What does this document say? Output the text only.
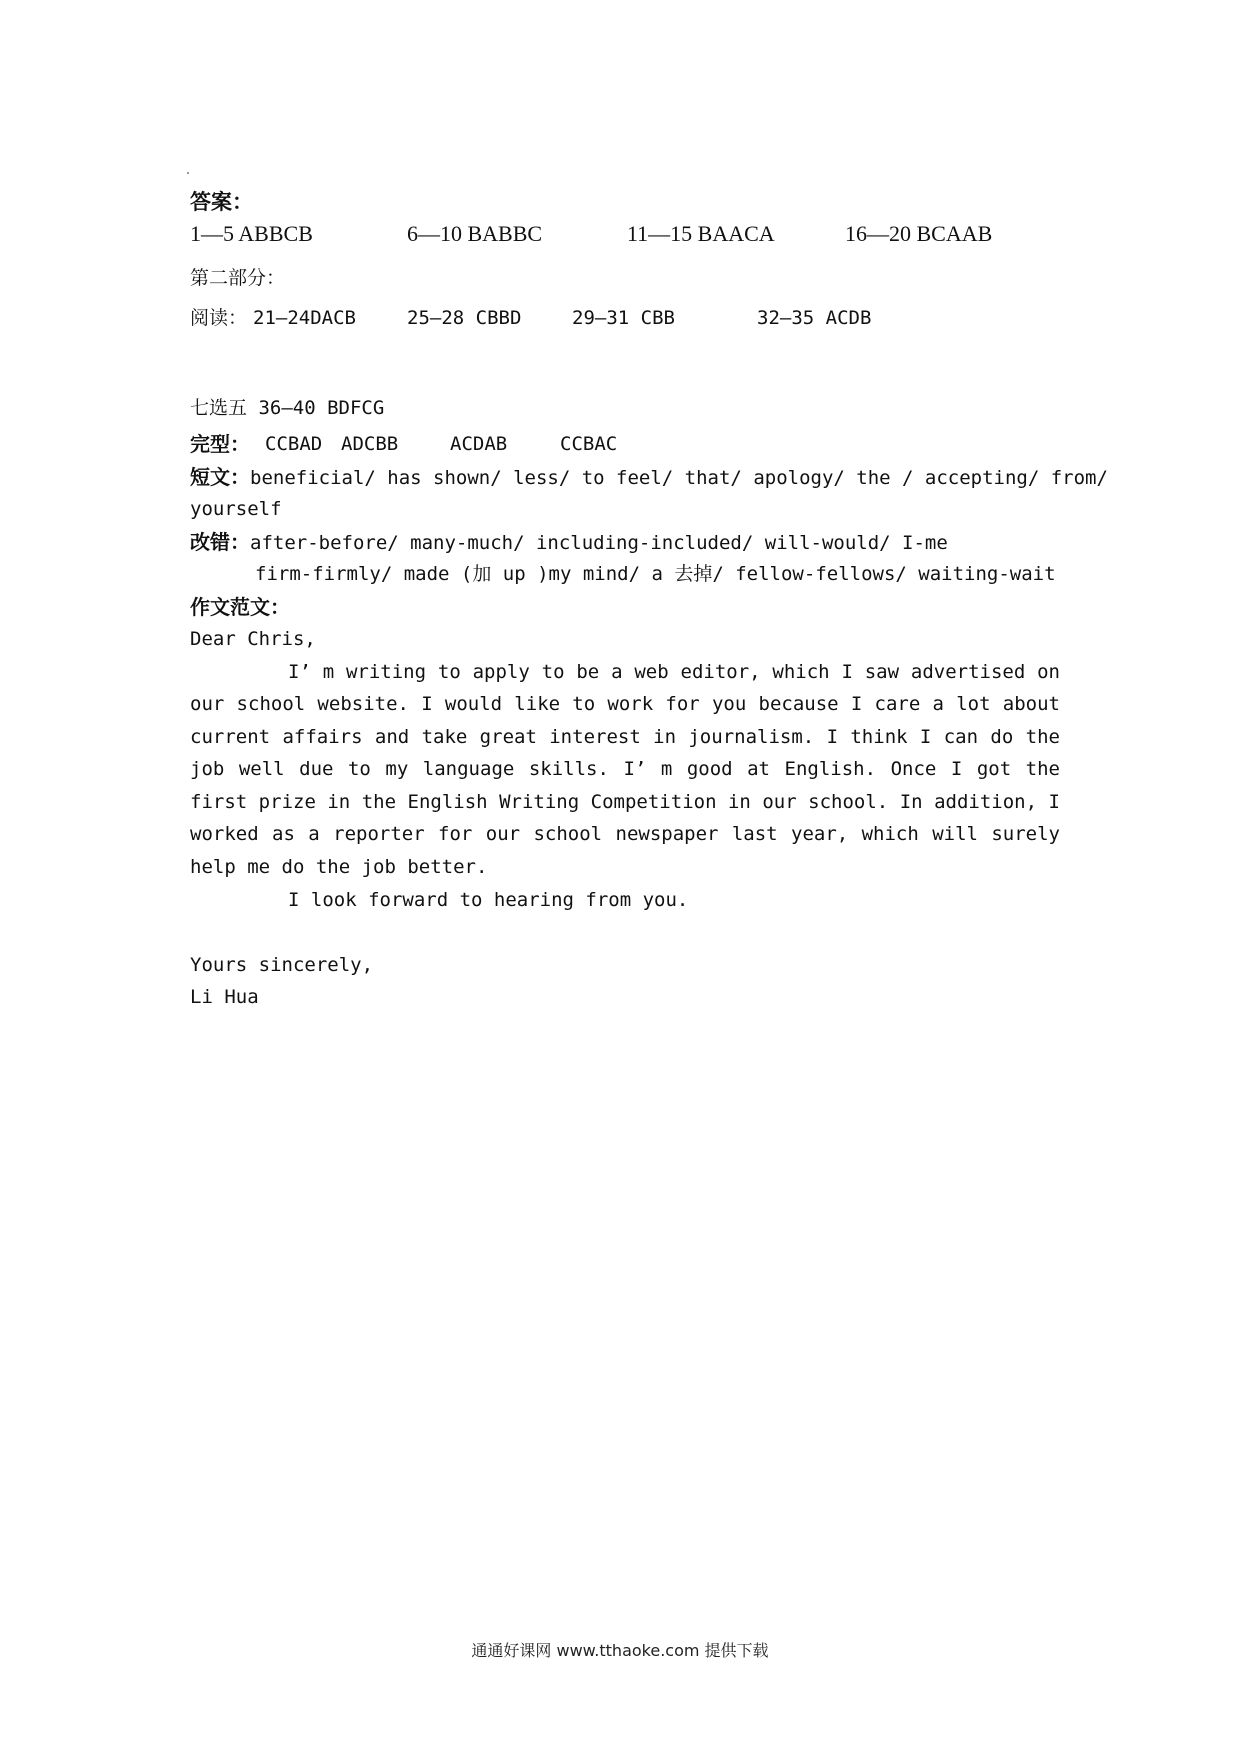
答案：
1—5 ABBCB	6—10 BABBC	11—15 BAACA	16—20 BCAAB
第二部分：
阅读： 21—24DACB	25—28 CBBD	29—31 CBB	32—35 ACDB
七选五 36—40 BDFCG
完型： CCBAD ADCBB	ACDAB	CCBAC
短文：beneficial/ has shown/ less/ to feel/ that/ apology/ the / accepting/ from/
yourself
改错：after-before/ many-much/ including-included/ will-would/ I-me
firm-firmly/ made (加 up )my mind/ a 去掉/ fellow-fellows/ waiting-wait
作文范文：
Dear Chris,
I’ m writing to apply to be a web editor, which I saw advertised on our school website. I would like to work for you because I care a lot about current affairs and take great interest in journalism. I think I can do the job well due to my language skills. I’ m good at English. Once I got the first prize in the English Writing Competition in our school. In addition, I worked as a reporter for our school newspaper last year, which will surely help me do the job better.
I look forward to hearing from you.
Yours sincerely,
Li Hua
通通好课网 www.tthaoke.com 提供下载
